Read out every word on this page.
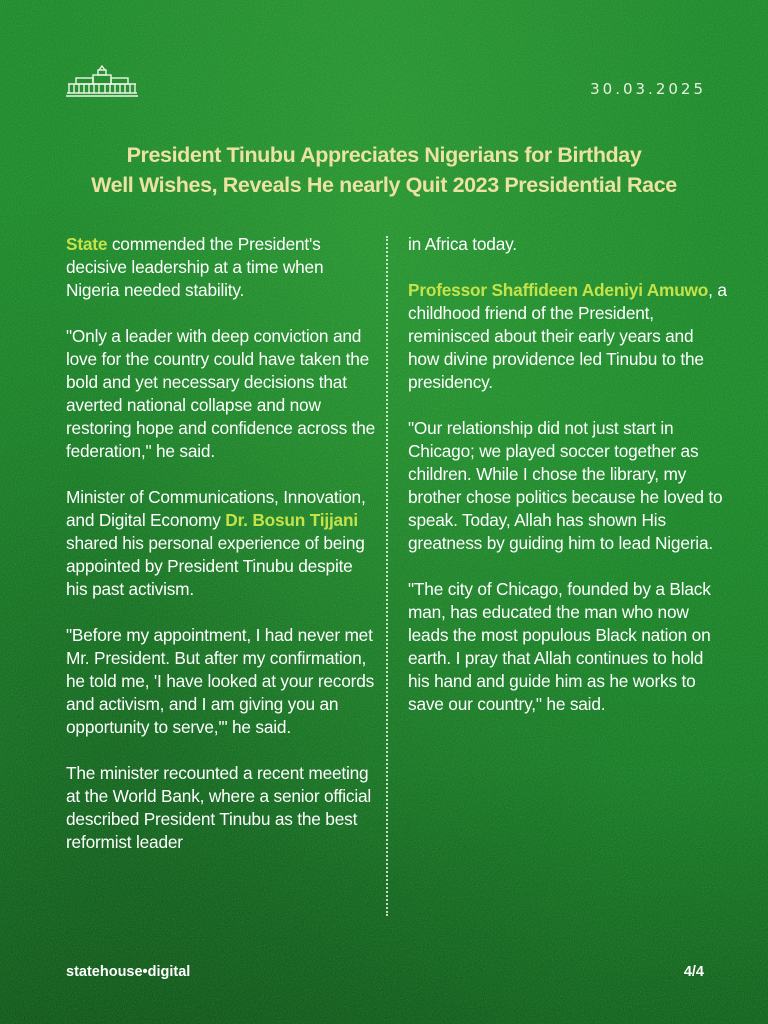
30.03.2025
President Tinubu Appreciates Nigerians for Birthday
Well Wishes, Reveals He nearly Quit 2023 Presidential Race

State commended the President's decisive leadership at a time when Nigeria needed stability.

"Only a leader with deep conviction and love for the country could have taken the bold and yet necessary decisions that averted national collapse and now restoring hope and confidence across the federation," he said.

Minister of Communications, Innovation, and Digital Economy Dr. Bosun Tijjani shared his personal experience of being appointed by President Tinubu despite his past activism.

"Before my appointment, I had never met Mr. President. But after my confirmation, he told me, 'I have looked at your records and activism, and I am giving you an opportunity to serve,'" he said.

The minister recounted a recent meeting at the World Bank, where a senior official described President Tinubu as the best reformist leader

in Africa today.

Professor Shaffideen Adeniyi Amuwo, a childhood friend of the President, reminisced about their early years and how divine providence led Tinubu to the presidency.

"Our relationship did not just start in Chicago; we played soccer together as children. While I chose the library, my brother chose politics because he loved to speak. Today, Allah has shown His greatness by guiding him to lead Nigeria.

"The city of Chicago, founded by a Black man, has educated the man who now leads the most populous Black nation on earth. I pray that Allah continues to hold his hand and guide him as he works to save our country," he said.

statehouse•digital	4/4
